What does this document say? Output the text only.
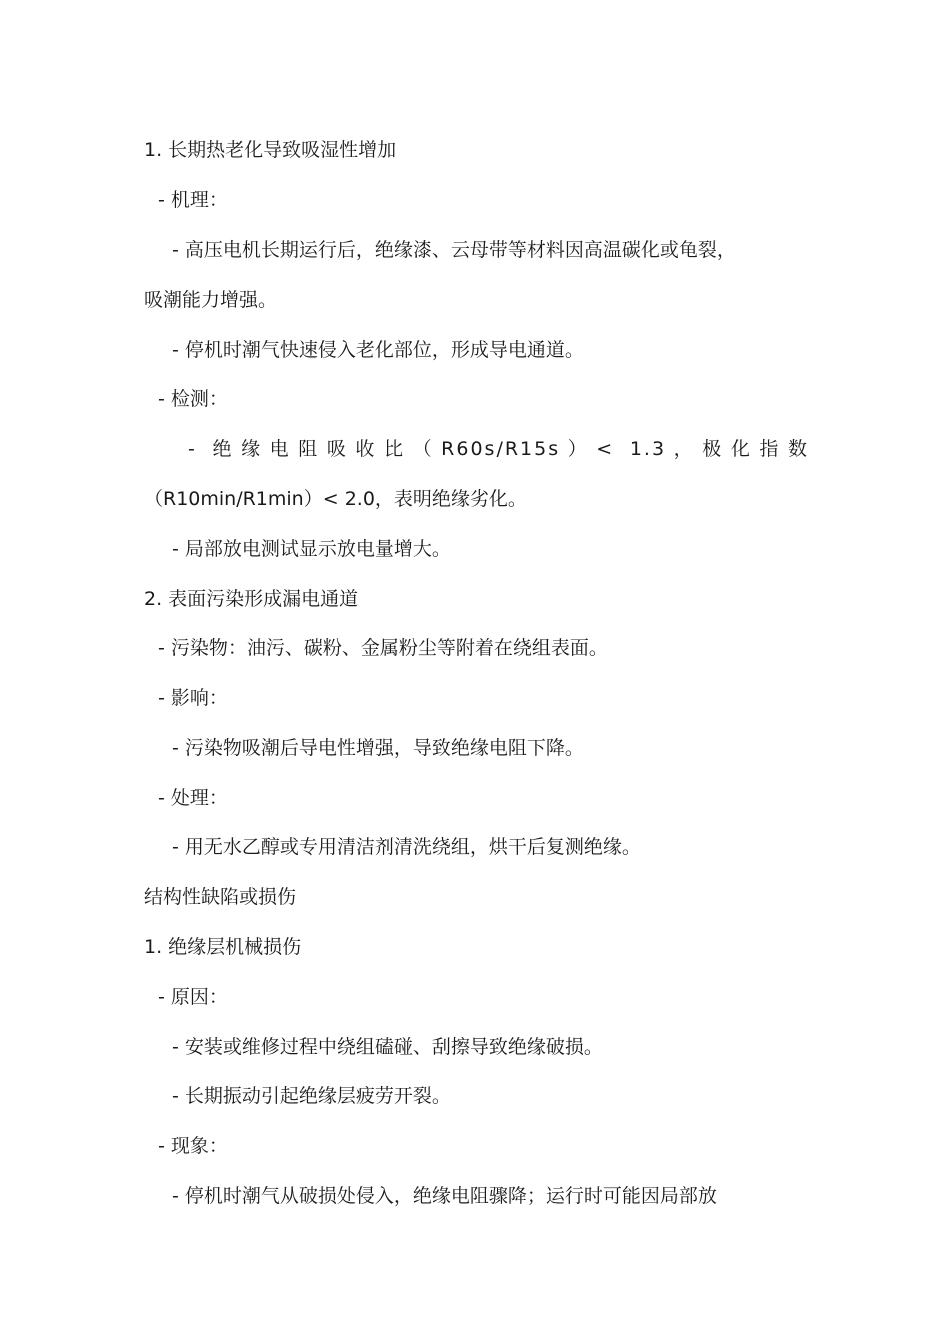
1. 长期热老化导致吸湿性增加
- 机理：
- 高压电机长期运行后，绝缘漆、云母带等材料因高温碳化或龟裂，
吸潮能力增强。
- 停机时潮气快速侵入老化部位，形成导电通道。
- 检测：
- 绝缘电阻吸收比（R60s/R15s）< 1.3，极化指数
（R10min/R1min）< 2.0，表明绝缘劣化。
- 局部放电测试显示放电量增大。
2. 表面污染形成漏电通道
- 污染物：油污、碳粉、金属粉尘等附着在绕组表面。
- 影响：
- 污染物吸潮后导电性增强，导致绝缘电阻下降。
- 处理：
- 用无水乙醇或专用清洁剂清洗绕组，烘干后复测绝缘。
结构性缺陷或损伤
1. 绝缘层机械损伤
- 原因：
- 安装或维修过程中绕组磕碰、刮擦导致绝缘破损。
- 长期振动引起绝缘层疲劳开裂。
- 现象：
- 停机时潮气从破损处侵入，绝缘电阻骤降；运行时可能因局部放
